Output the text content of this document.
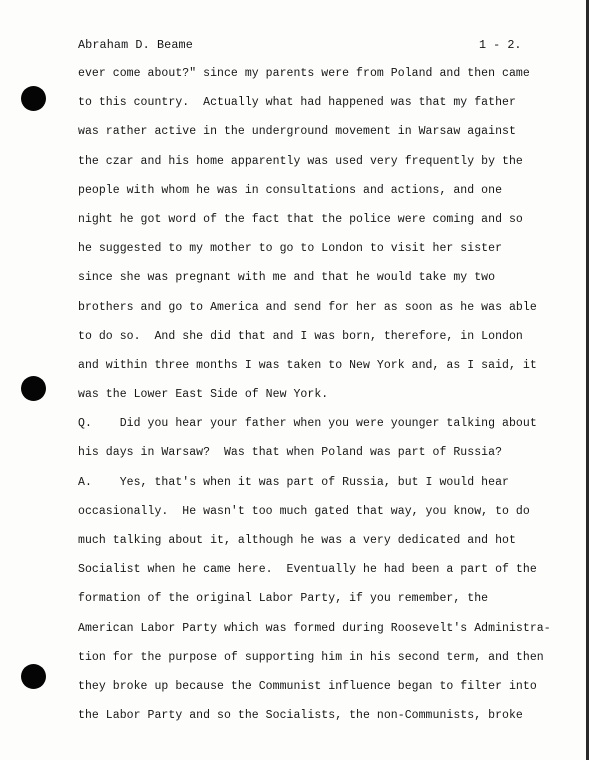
Abraham D. Beame	1 - 2.
ever come about?" since my parents were from Poland and then came
to this country.  Actually what had happened was that my father
was rather active in the underground movement in Warsaw against
the czar and his home apparently was used very frequently by the
people with whom he was in consultations and actions, and one
night he got word of the fact that the police were coming and so
he suggested to my mother to go to London to visit her sister
since she was pregnant with me and that he would take my two
brothers and go to America and send for her as soon as he was able
to do so.  And she did that and I was born, therefore, in London
and within three months I was taken to New York and, as I said, it
was the Lower East Side of New York.
Q.    Did you hear your father when you were younger talking about
his days in Warsaw?  Was that when Poland was part of Russia?
A.    Yes, that's when it was part of Russia, but I would hear
occasionally.  He wasn't too much gated that way, you know, to do
much talking about it, although he was a very dedicated and hot
Socialist when he came here.  Eventually he had been a part of the
formation of the original Labor Party, if you remember, the
American Labor Party which was formed during Roosevelt's Administra-
tion for the purpose of supporting him in his second term, and then
they broke up because the Communist influence began to filter into
the Labor Party and so the Socialists, the non-Communists, broke
